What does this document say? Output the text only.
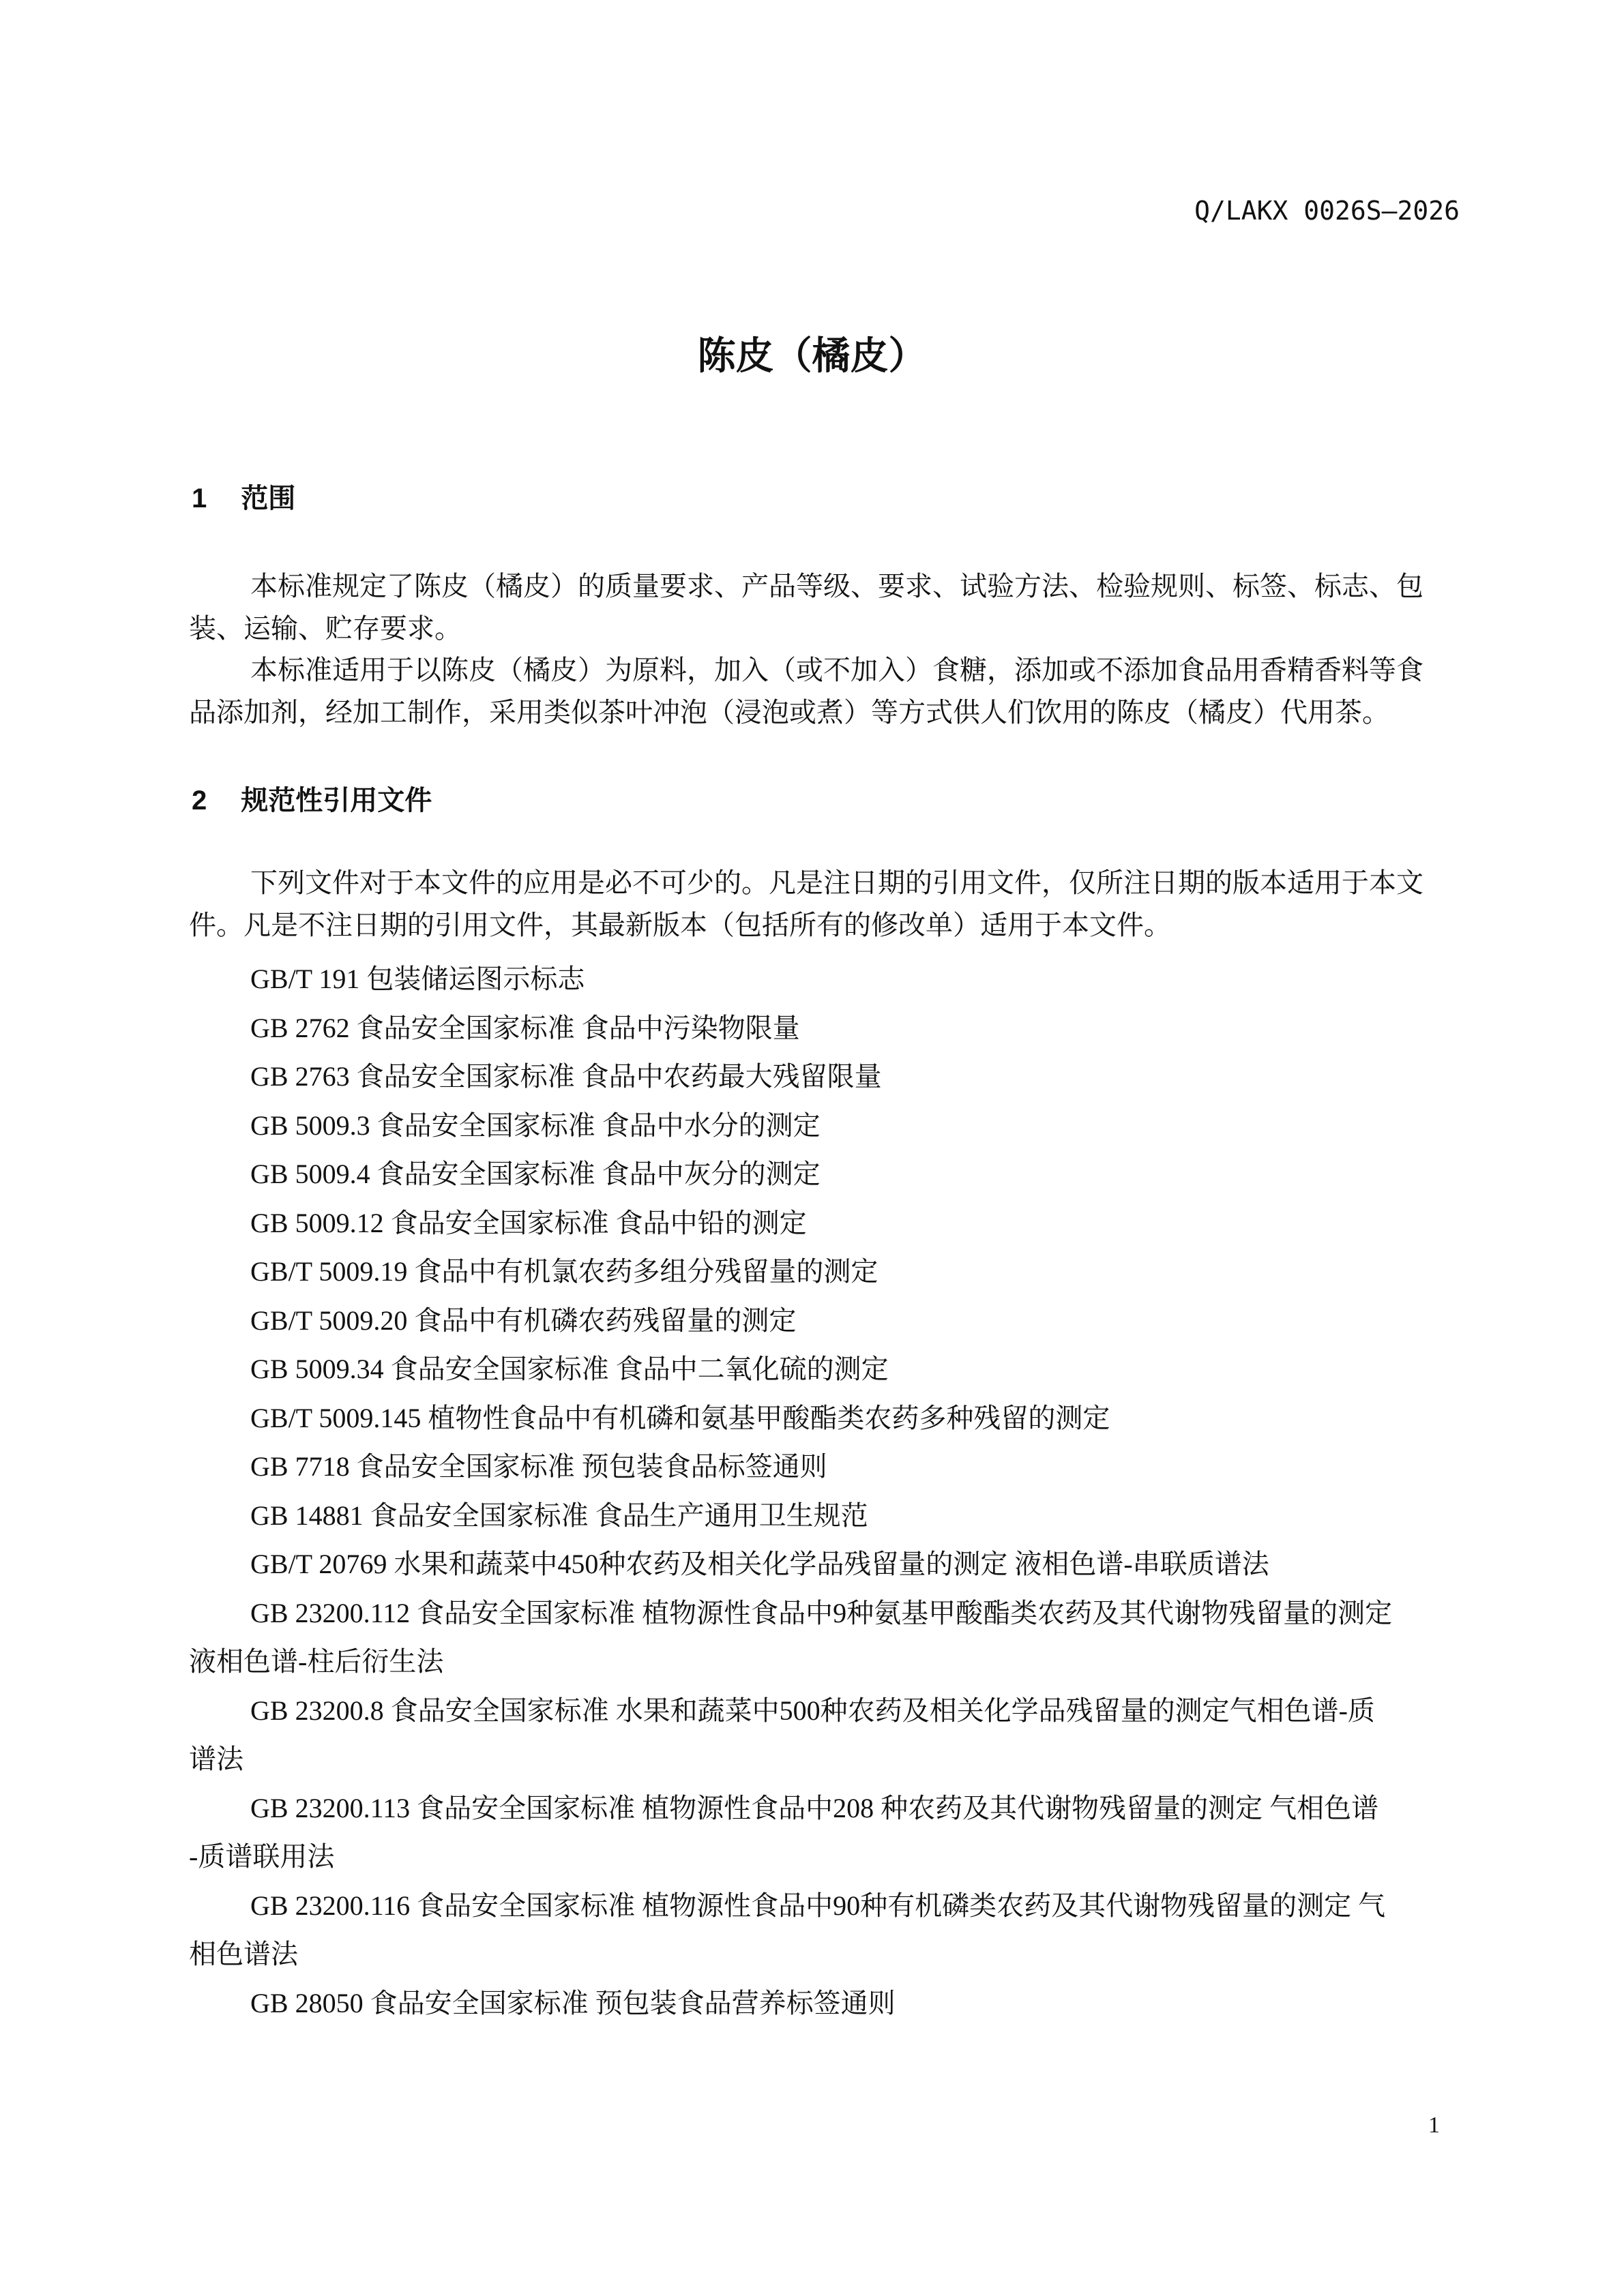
Q/LAKX 0026S—2026
陈皮（橘皮）
1 范围
本标准规定了陈皮（橘皮）的质量要求、产品等级、要求、试验方法、检验规则、标签、标志、包
装、运输、贮存要求。
本标准适用于以陈皮（橘皮）为原料，加入（或不加入）食糖，添加或不添加食品用香精香料等食
品添加剂，经加工制作，采用类似茶叶冲泡（浸泡或煮）等方式供人们饮用的陈皮（橘皮）代用茶。
2 规范性引用文件
下列文件对于本文件的应用是必不可少的。凡是注日期的引用文件，仅所注日期的版本适用于本文
件。凡是不注日期的引用文件，其最新版本（包括所有的修改单）适用于本文件。
GB/T 191 包装储运图示标志
GB 2762 食品安全国家标准 食品中污染物限量
GB 2763 食品安全国家标准 食品中农药最大残留限量
GB 5009.3 食品安全国家标准 食品中水分的测定
GB 5009.4 食品安全国家标准 食品中灰分的测定
GB 5009.12 食品安全国家标准 食品中铅的测定
GB/T 5009.19 食品中有机氯农药多组分残留量的测定
GB/T 5009.20 食品中有机磷农药残留量的测定
GB 5009.34 食品安全国家标准 食品中二氧化硫的测定
GB/T 5009.145 植物性食品中有机磷和氨基甲酸酯类农药多种残留的测定
GB 7718 食品安全国家标准 预包装食品标签通则
GB 14881 食品安全国家标准 食品生产通用卫生规范
GB/T 20769 水果和蔬菜中450种农药及相关化学品残留量的测定 液相色谱-串联质谱法
GB 23200.112 食品安全国家标准 植物源性食品中9种氨基甲酸酯类农药及其代谢物残留量的测定
液相色谱-柱后衍生法
GB 23200.8 食品安全国家标准 水果和蔬菜中500种农药及相关化学品残留量的测定气相色谱-质
谱法
GB 23200.113 食品安全国家标准 植物源性食品中208 种农药及其代谢物残留量的测定 气相色谱
-质谱联用法
GB 23200.116 食品安全国家标准 植物源性食品中90种有机磷类农药及其代谢物残留量的测定 气
相色谱法
GB 28050 食品安全国家标准 预包装食品营养标签通则
1
